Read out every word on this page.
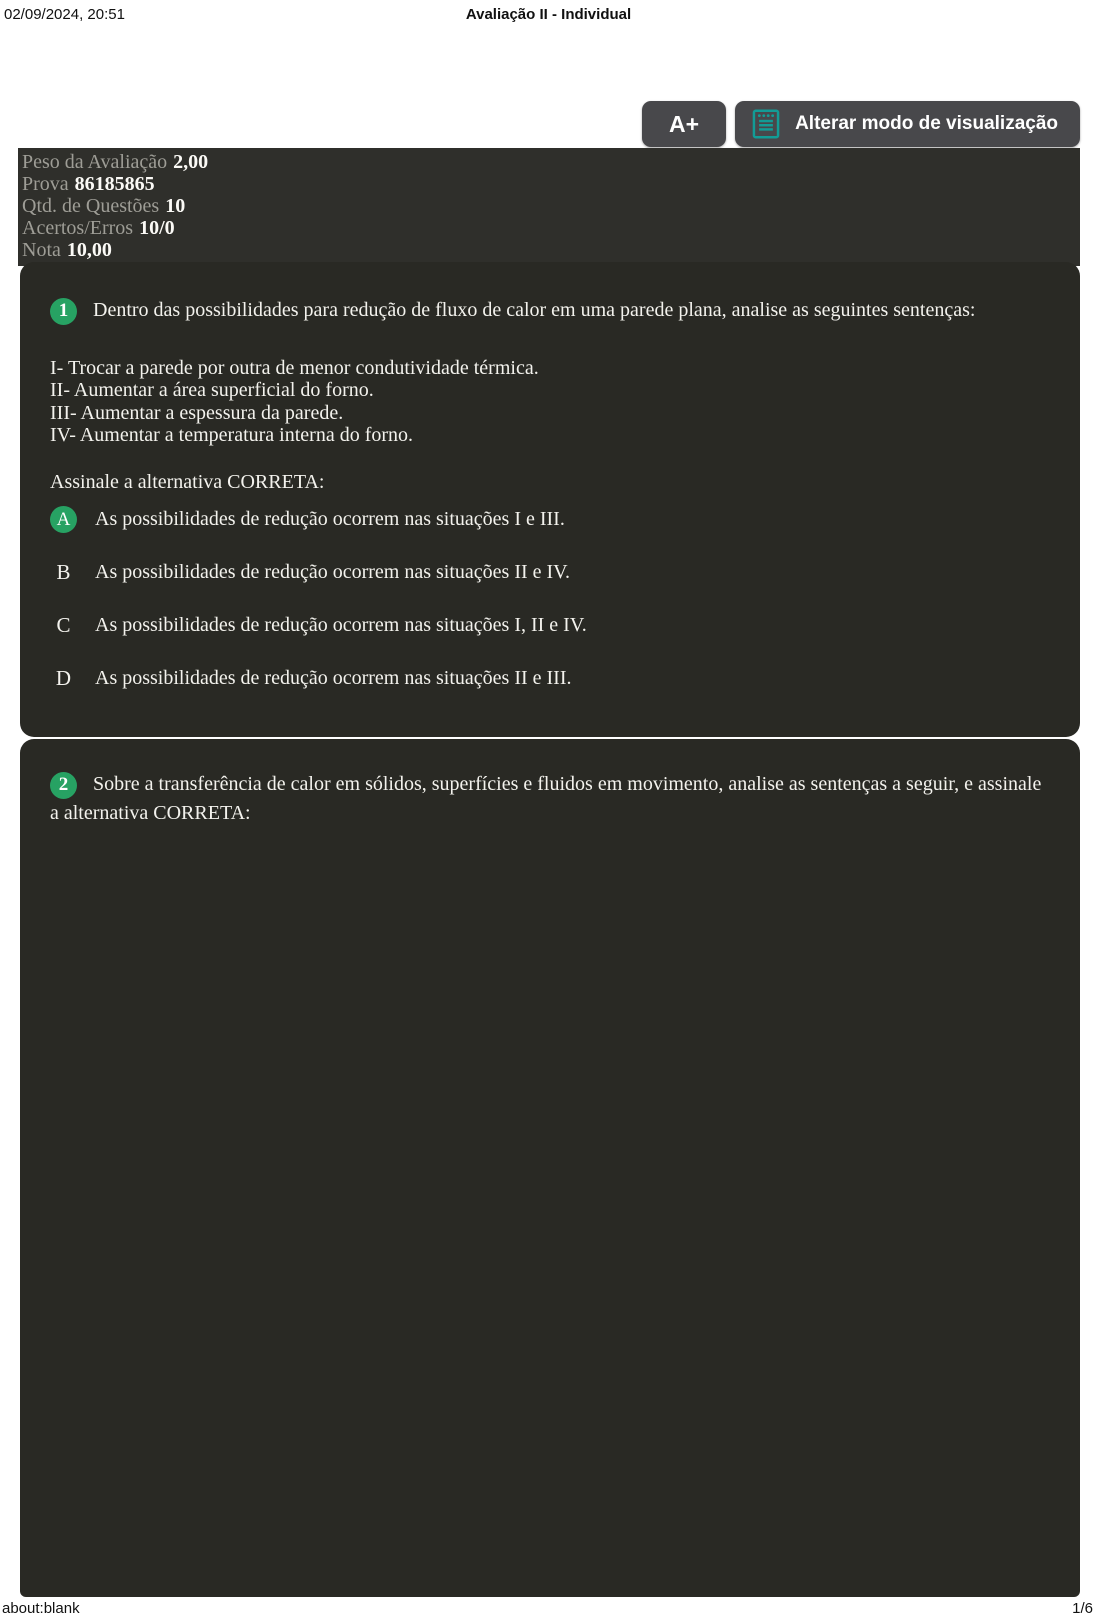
02/09/2024, 20:51	Avaliação II - Individual
A+	Alterar modo de visualização
Peso da Avaliação 2,00
Prova 86185865
Qtd. de Questões 10
Acertos/Erros 10/0
Nota 10,00
1 Dentro das possibilidades para redução de fluxo de calor em uma parede plana, analise as seguintes sentenças:
I- Trocar a parede por outra de menor condutividade térmica.
II- Aumentar a área superficial do forno.
III- Aumentar a espessura da parede.
IV- Aumentar a temperatura interna do forno.
Assinale a alternativa CORRETA:
A	As possibilidades de redução ocorrem nas situações I e III.
B	As possibilidades de redução ocorrem nas situações II e IV.
C	As possibilidades de redução ocorrem nas situações I, II e IV.
D As possibilidades de redução ocorrem nas situações II e III.
2 Sobre a transferência de calor em sólidos, superfícies e fluidos em movimento, analise as sentenças a seguir, e assinale a alternativa CORRETA:
about:blank	1/6
